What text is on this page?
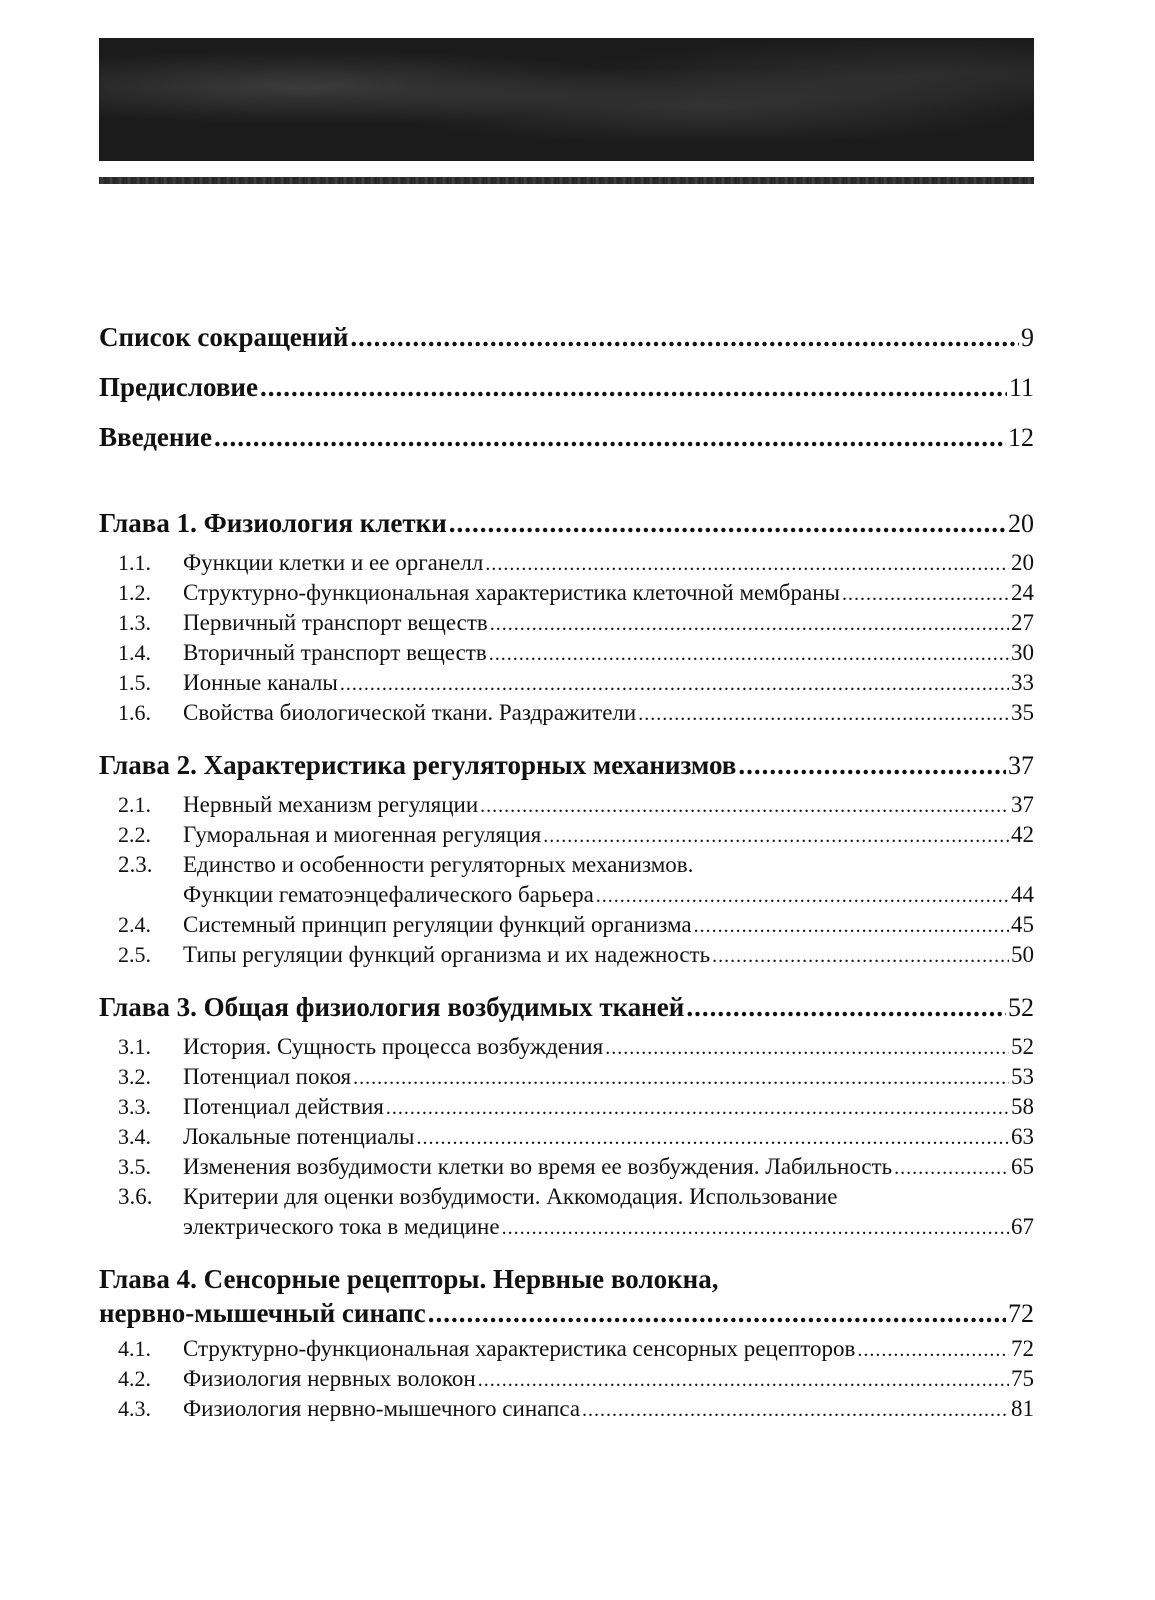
Список сокращений .....	9
Предисловие .....	11
Введение .....	12
Глава 1. Физиология клетки .....	20
1.1.	Функции клетки и ее органелл .....	20
1.2.	Структурно-функциональная характеристика клеточной мембраны .....	24
1.3.	Первичный транспорт веществ .....	27
1.4.	Вторичный транспорт веществ .....	30
1.5.	Ионные каналы .....	33
1.6.	Свойства биологической ткани. Раздражители .....	35
Глава 2. Характеристика регуляторных механизмов .....	37
2.1.	Нервный механизм регуляции .....	37
2.2.	Гуморальная и миогенная регуляция .....	42
2.3.	Единство и особенности регуляторных механизмов.
Функции гематоэнцефалического барьера .....	44
2.4.	Системный принцип регуляции функций организма .....	45
2.5.	Типы регуляции функций организма и их надежность .....	50
Глава 3. Общая физиология возбудимых тканей .....	52
3.1.	История. Сущность процесса возбуждения .....	52
3.2.	Потенциал покоя .....	53
3.3.	Потенциал действия .....	58
3.4.	Локальные потенциалы .....	63
3.5.	Изменения возбудимости клетки во время ее возбуждения. Лабильность .....	65
3.6.	Критерии для оценки возбудимости. Аккомодация. Использование
электрического тока в медицине .....	67
Глава 4. Сенсорные рецепторы. Нервные волокна,
нервно-мышечный синапс .....	72
4.1.	Структурно-функциональная характеристика сенсорных рецепторов .....	72
4.2.	Физиология нервных волокон .....	75
4.3.	Физиология нервно-мышечного синапса .....	81
